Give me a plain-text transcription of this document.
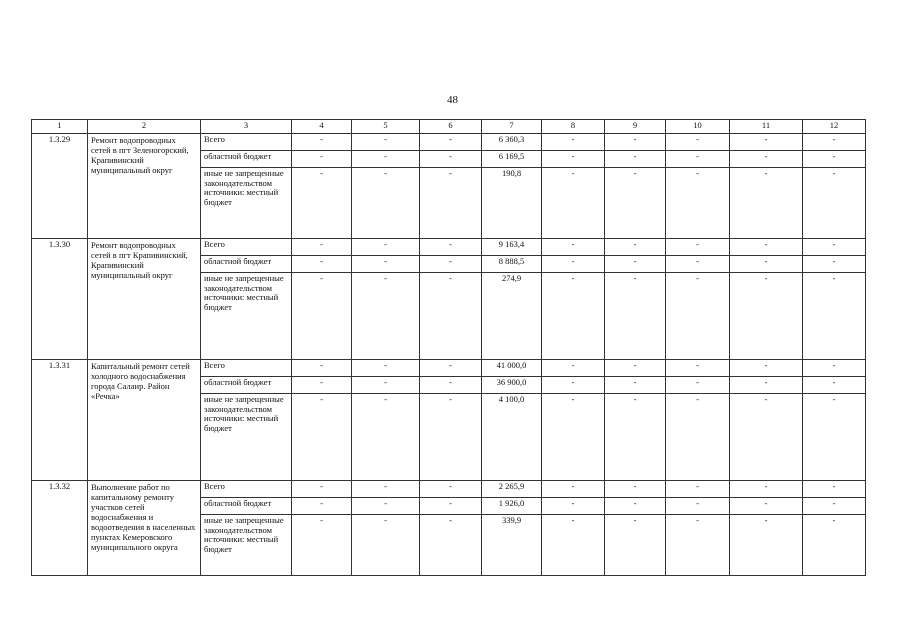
48
1	2	3	4	5	6	7	8	9	10	11	12
1.3.29	Ремонт водопроводных сетей в пгт Зеленогорский, Крапивинский муниципальный округ	Всего	-	-	-	6 360,3	-	-	-	-	-
		областной бюджет	-	-	-	6 169,5	-	-	-	-	-
		иные не запрещенные законодательством источники: местный бюджет	-	-	-	190,8	-	-	-	-	-
1.3.30	Ремонт водопроводных сетей в пгт Крапивинский, Крапивинский муниципальный округ	Всего	-	-	-	9 163,4	-	-	-	-	-
		областной бюджет	-	-	-	8 888,5	-	-	-	-	-
		иные не запрещенные законодательством источники: местный бюджет	-	-	-	274,9	-	-	-	-	-
1.3.31	Капитальный ремонт сетей холодного водоснабжения города Салаир. Район «Речка»	Всего	-	-	-	41 000,0	-	-	-	-	-
		областной бюджет	-	-	-	36 900,0	-	-	-	-	-
		иные не запрещенные законодательством источники: местный бюджет	-	-	-	4 100,0	-	-	-	-	-
1.3.32	Выполнение работ по капитальному ремонту участков сетей водоснабжения и водоотведения в населенных пунктах Кемеровского муниципального округа	Всего	-	-	-	2 265,9	-	-	-	-	-
		областной бюджет	-	-	-	1 926,0	-	-	-	-	-
		иные не запрещенные законодательством источники: местный бюджет	-	-	-	339,9	-	-	-	-	-
